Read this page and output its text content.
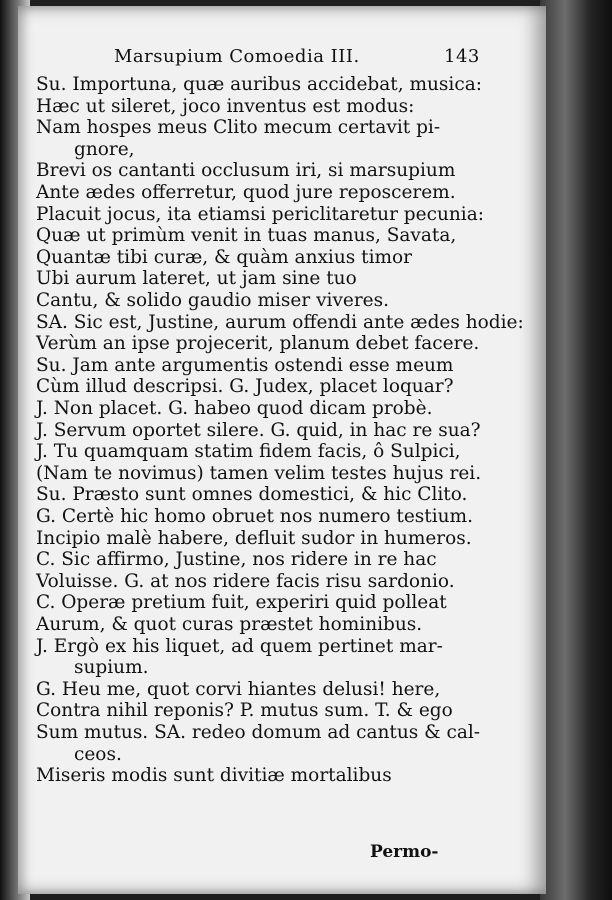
Marsupium Comoedia III.	143
Su. Importuna, quæ auribus accidebat, musica:
Hæc ut sileret, joco inventus est modus:
Nam hospes meus Clito mecum certavit pi-
gnore,
Brevi os cantanti occlusum iri, si marsupium
Ante ædes offerretur, quod jure reposcerem.
Placuit jocus, ita etiamsi periclitaretur pecunia:
Quæ ut primùm venit in tuas manus, Savata,
Quantæ tibi curæ, & quàm anxius timor
Ubi aurum lateret, ut jam sine tuo
Cantu, & solido gaudio miser viveres.
SA. Sic est, Justine, aurum offendi ante ædes hodie:
Verùm an ipse projecerit, planum debet facere.
Su. Jam ante argumentis ostendi esse meum
Cùm illud descripsi. G. Judex, placet loquar?
J. Non placet. G. habeo quod dicam probè.
J. Servum oportet silere. G. quid, in hac re sua?
J. Tu quamquam statim fidem facis, ô Sulpici,
(Nam te novimus) tamen velim testes hujus rei.
Su. Præsto sunt omnes domestici, & hic Clito.
G. Certè hic homo obruet nos numero testium.
Incipio malè habere, defluit sudor in humeros.
C. Sic affirmo, Justine, nos ridere in re hac
Voluisse. G. at nos ridere facis risu sardonio.
C. Operæ pretium fuit, experiri quid polleat
Aurum, & quot curas præstet hominibus.
J. Ergò ex his liquet, ad quem pertinet mar-
supium.
G. Heu me, quot corvi hiantes delusi! here,
Contra nihil reponis? P. mutus sum. T. & ego
Sum mutus. SA. redeo domum ad cantus & cal-
ceos.
Miseris modis sunt divitiæ mortalibus
Permo-
